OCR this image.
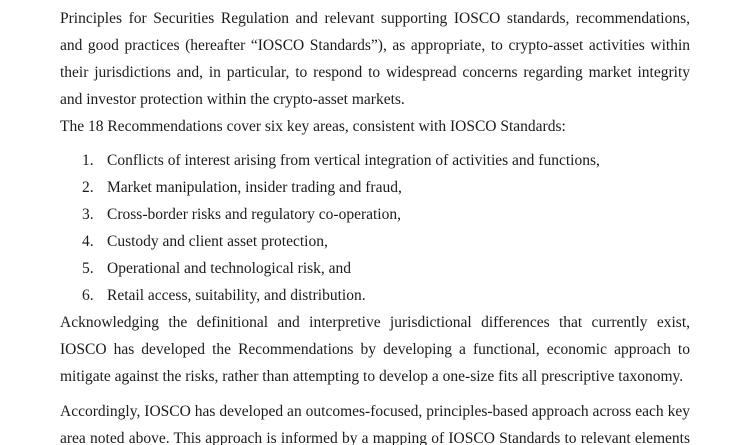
Principles for Securities Regulation and relevant supporting IOSCO standards, recommendations,
and good practices (hereafter “IOSCO Standards”), as appropriate, to crypto-asset activities within
their jurisdictions and, in particular, to respond to widespread concerns regarding market integrity
and investor protection within the crypto-asset markets.
The 18 Recommendations cover six key areas, consistent with IOSCO Standards:
1. Conflicts of interest arising from vertical integration of activities and functions,
2. Market manipulation, insider trading and fraud,
3. Cross-border risks and regulatory co-operation,
4. Custody and client asset protection,
5. Operational and technological risk, and
6. Retail access, suitability, and distribution.
Acknowledging the definitional and interpretive jurisdictional differences that currently exist,
IOSCO has developed the Recommendations by developing a functional, economic approach to
mitigate against the risks, rather than attempting to develop a one-size fits all prescriptive taxonomy.
Accordingly, IOSCO has developed an outcomes-focused, principles-based approach across each key
area noted above. This approach is informed by a mapping of IOSCO Standards to relevant elements
